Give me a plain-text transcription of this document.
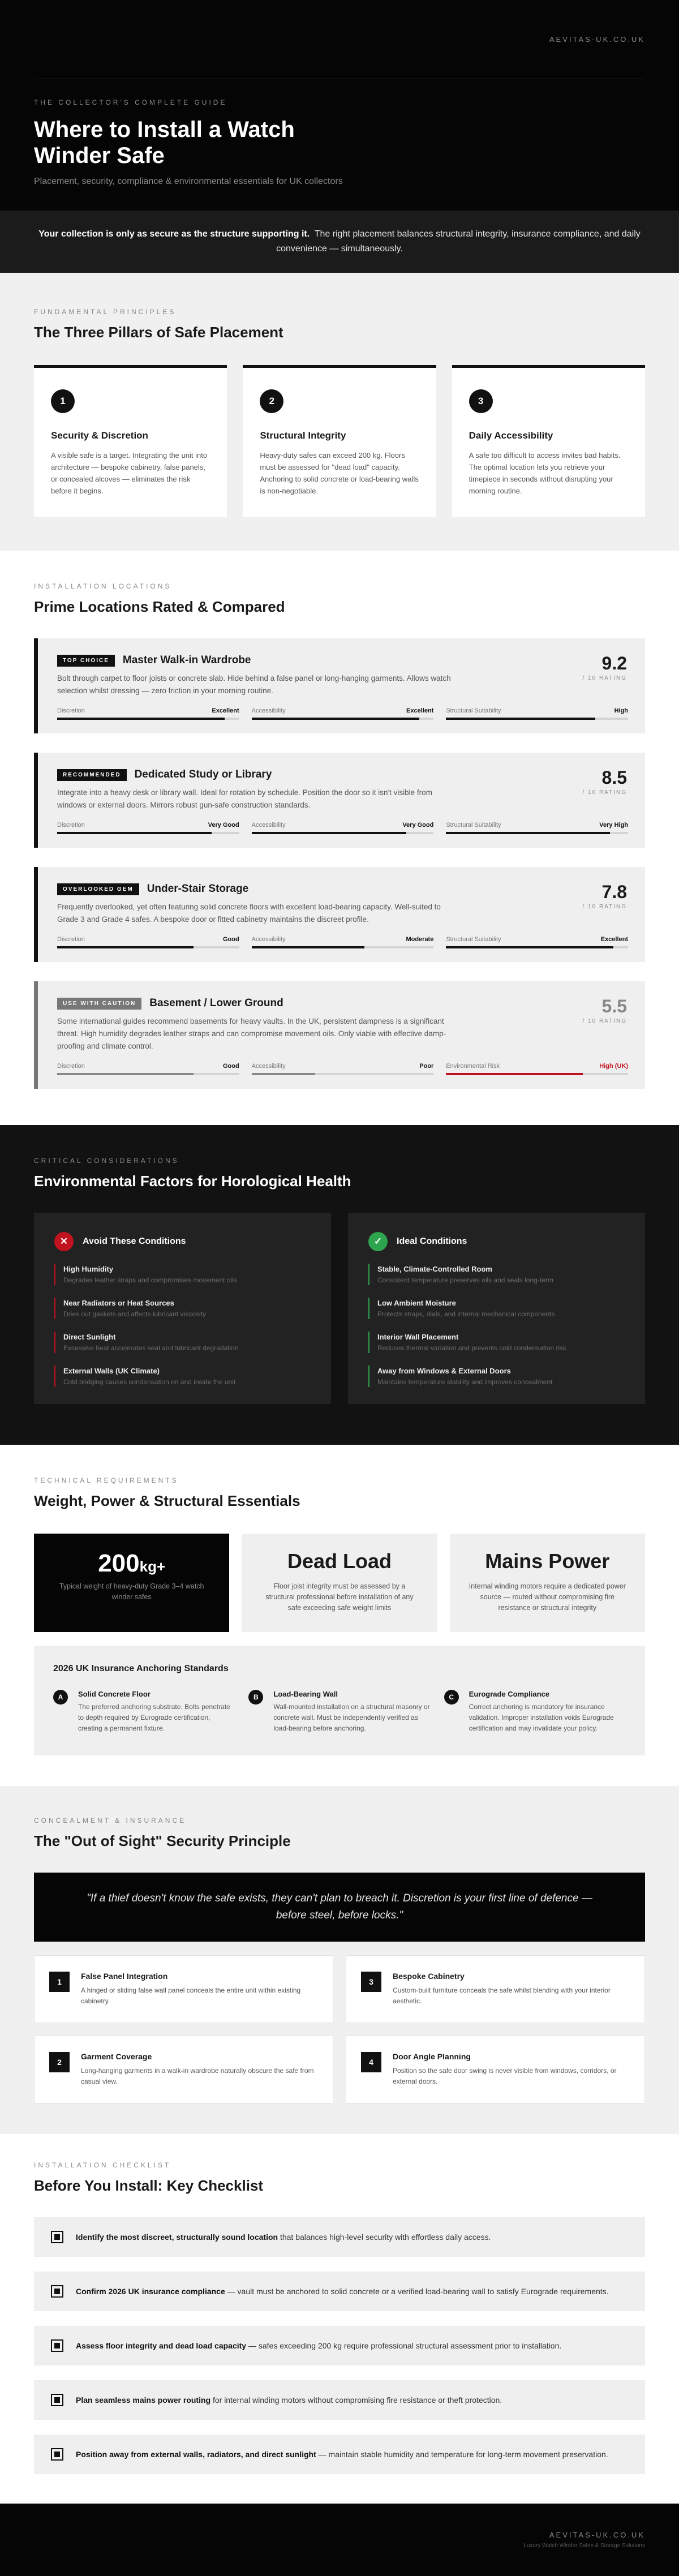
AEVITAS-UK.CO.UK
THE COLLECTOR'S COMPLETE GUIDE
Where to Install a Watch Winder Safe
Placement, security, compliance & environmental essentials for UK collectors
Your collection is only as secure as the structure supporting it. The right placement balances structural integrity, insurance compliance, and daily convenience — simultaneously.
FUNDAMENTAL PRINCIPLES
The Three Pillars of Safe Placement
1
Security & Discretion

A visible safe is a target. Integrating the unit into architecture — bespoke cabinetry, false panels, or concealed alcoves — eliminates the risk before it begins.

2
Structural Integrity

Heavy-duty safes can exceed 200 kg. Floors must be assessed for "dead load" capacity. Anchoring to solid concrete or load-bearing walls is non-negotiable.

3
Daily Accessibility

A safe too difficult to access invites bad habits. The optimal location lets you retrieve your timepiece in seconds without disrupting your morning routine.

INSTALLATION LOCATIONS
Prime Locations Rated & Compared
TOP CHOICE	Master Walk-in Wardrobe

Bolt through carpet to floor joists or concrete slab. Hide behind a false panel or long-hanging garments. Allows watch selection whilst dressing — zero friction in your morning routine.

9.2
/ 10 RATING
Discretion	Excellent Accessibility	Excellent Structural Suitability	High
RECOMMENDED	Dedicated Study or Library

Integrate into a heavy desk or library wall. Ideal for rotation by schedule. Position the door so it isn't visible from windows or external doors. Mirrors robust gun-safe construction standards.

8.5
/ 10 RATING
Discretion	Very Good Accessibility	Very Good Structural Suitability	Very High
OVERLOOKED GEM	Under-Stair Storage

Frequently overlooked, yet often featuring solid concrete floors with excellent load-bearing capacity. Well-suited to Grade 3 and Grade 4 safes. A bespoke door or fitted cabinetry maintains the discreet profile.

7.8
/ 10 RATING
Discretion	Good Accessibility	Moderate Structural Suitability	Excellent
USE WITH CAUTION	Basement / Lower Ground

Some international guides recommend basements for heavy vaults. In the UK, persistent dampness is a significant threat. High humidity degrades leather straps and can compromise movement oils. Only viable with effective damp-proofing and climate control.

5.5
/ 10 RATING
Discretion	Good Accessibility	Poor Environmental Risk	High (UK)
CRITICAL CONSIDERATIONS
Environmental Factors for Horological Health
✕	Avoid These Conditions
High Humidity

Degrades leather straps and compromises movement oils

Near Radiators or Heat Sources

Dries out gaskets and affects lubricant viscosity

Direct Sunlight

Excessive heat accelerates seal and lubricant degradation

External Walls (UK Climate)

Cold bridging causes condensation on and inside the unit

✓	Ideal Conditions
Stable, Climate-Controlled Room

Consistent temperature preserves oils and seals long-term

Low Ambient Moisture

Protects straps, dials, and internal mechanical components

Interior Wall Placement

Reduces thermal variation and prevents cold condensation risk

Away from Windows & External Doors

Maintains temperature stability and improves concealment

TECHNICAL REQUIREMENTS
Weight, Power & Structural Essentials
200kg+

Typical weight of heavy-duty Grade 3–4 watch winder safes

Dead Load

Floor joist integrity must be assessed by a structural professional before installation of any safe exceeding safe weight limits

Mains Power

Internal winding motors require a dedicated power source — routed without compromising fire resistance or structural integrity

2026 UK Insurance Anchoring Standards
A	Solid Concrete Floor

The preferred anchoring substrate. Bolts penetrate to depth required by Eurograde certification, creating a permanent fixture.

B	Load-Bearing Wall

Wall-mounted installation on a structural masonry or concrete wall. Must be independently verified as load-bearing before anchoring.

C	Eurograde Compliance

Correct anchoring is mandatory for insurance validation. Improper installation voids Eurograde certification and may invalidate your policy.

CONCEALMENT & INSURANCE
The "Out of Sight" Security Principle
"If a thief doesn't know the safe exists, they can't plan to breach it. Discretion is your first line of defence — before steel, before locks."
1
False Panel Integration

A hinged or sliding false wall panel conceals the entire unit within existing cabinetry.

3
Bespoke Cabinetry

Custom-built furniture conceals the safe whilst blending with your interior aesthetic.

2
Garment Coverage

Long-hanging garments in a walk-in wardrobe naturally obscure the safe from casual view.

4
Door Angle Planning

Position so the safe door swing is never visible from windows, corridors, or external doors.

INSTALLATION CHECKLIST
Before You Install: Key Checklist
Identify the most discreet, structurally sound location that balances high-level security with effortless daily access.
Confirm 2026 UK insurance compliance — vault must be anchored to solid concrete or a verified load-bearing wall to satisfy Eurograde requirements.
Assess floor integrity and dead load capacity — safes exceeding 200 kg require professional structural assessment prior to installation.
Plan seamless mains power routing for internal winding motors without compromising fire resistance or theft protection.
Position away from external walls, radiators, and direct sunlight — maintain stable humidity and temperature for long-term movement preservation.
AEVITAS-UK.CO.UK
Luxury Watch Winder Safes & Storage Solutions
